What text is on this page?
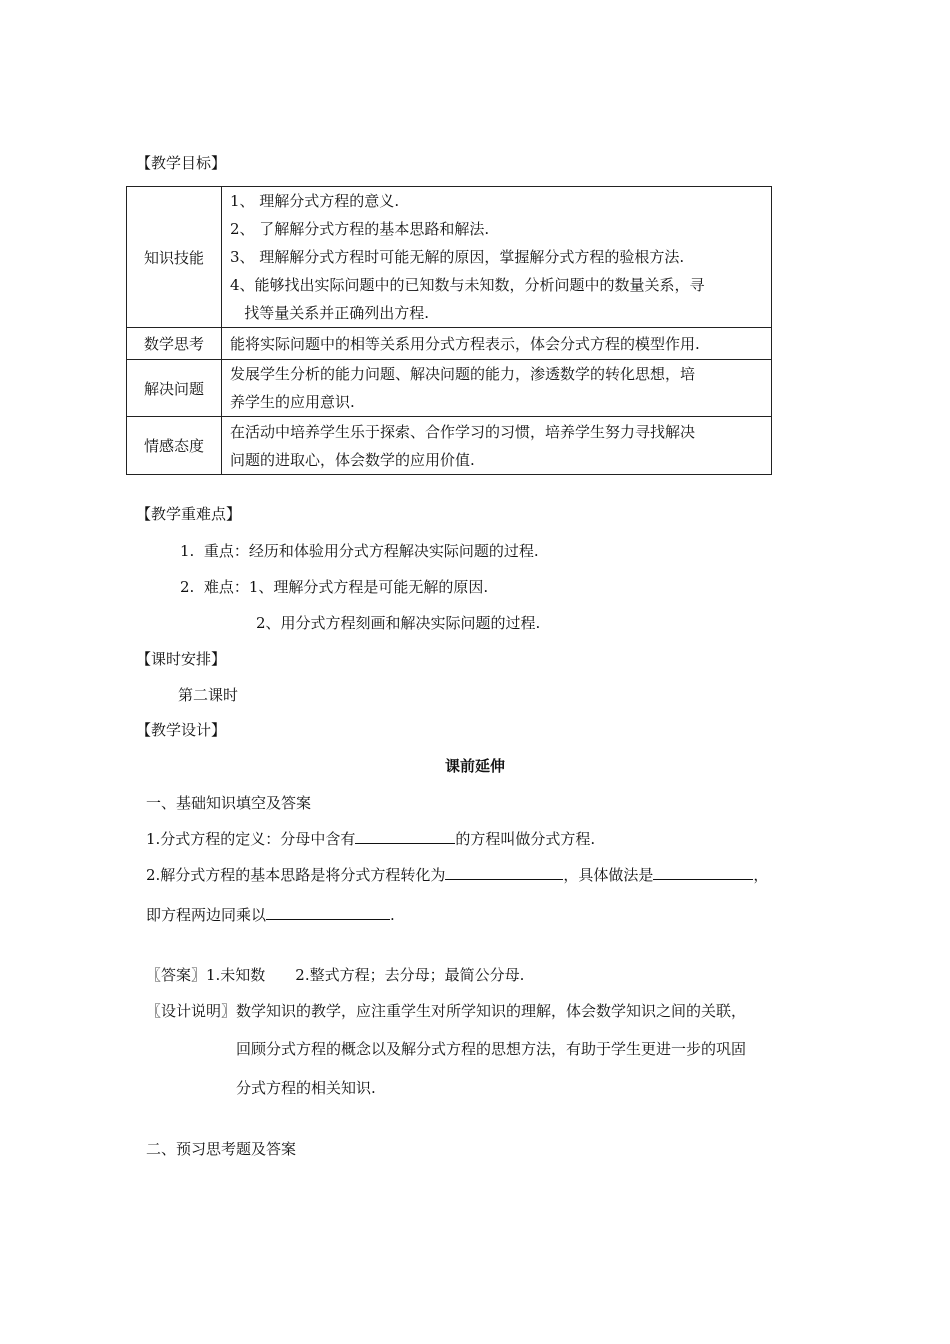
【教学目标】
知识技能	1、 理解分式方程的意义.
2、 了解解分式方程的基本思路和解法.
3、 理解解分式方程时可能无解的原因，掌握解分式方程的验根方法.
4、能够找出实际问题中的已知数与未知数，分析问题中的数量关系，寻
找等量关系并正确列出方程.

数学思考	能将实际问题中的相等关系用分式方程表示，体会分式方程的模型作用.

解决问题	发展学生分析的能力问题、解决问题的能力，渗透数学的转化思想，培
养学生的应用意识.

情感态度	在活动中培养学生乐于探索、合作学习的习惯，培养学生努力寻找解决
问题的进取心，体会数学的应用价值.
【教学重难点】
1.  重点：经历和体验用分式方程解决实际问题的过程.
2.  难点：1、理解分式方程是可能无解的原因.
2、用分式方程刻画和解决实际问题的过程.
【课时安排】
第二课时
【教学设计】
课前延伸
一、基础知识填空及答案
1.分式方程的定义：分母中含有	的方程叫做分式方程.
2.解分式方程的基本思路是将分式方程转化为	，具体做法是	，
即方程两边同乘以	.
〖答案〗1.未知数　　2.整式方程；去分母；最简公分母.
〖设计说明〗数学知识的教学，应注重学生对所学知识的理解，体会数学知识之间的关联，
回顾分式方程的概念以及解分式方程的思想方法，有助于学生更进一步的巩固
分式方程的相关知识.
二、预习思考题及答案
